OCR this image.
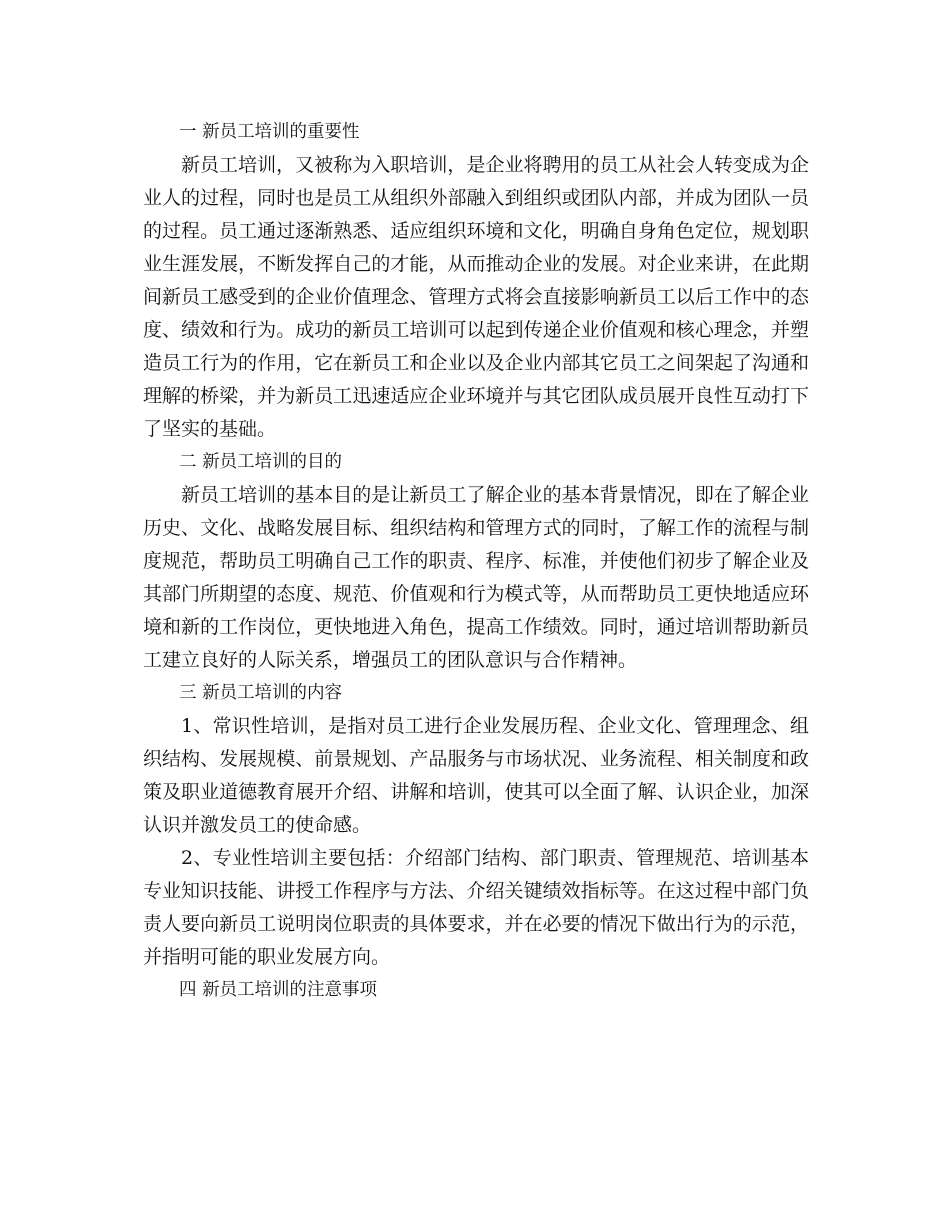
一 新员工培训的重要性

新员工培训，又被称为入职培训，是企业将聘用的员工从社会人转变成为企业人的过程，同时也是员工从组织外部融入到组织或团队内部，并成为团队一员的过程。员工通过逐渐熟悉、适应组织环境和文化，明确自身角色定位，规划职业生涯发展，不断发挥自己的才能，从而推动企业的发展。对企业来讲，在此期间新员工感受到的企业价值理念、管理方式将会直接影响新员工以后工作中的态度、绩效和行为。成功的新员工培训可以起到传递企业价值观和核心理念，并塑造员工行为的作用，它在新员工和企业以及企业内部其它员工之间架起了沟通和理解的桥梁，并为新员工迅速适应企业环境并与其它团队成员展开良性互动打下了坚实的基础。

二 新员工培训的目的

新员工培训的基本目的是让新员工了解企业的基本背景情况，即在了解企业历史、文化、战略发展目标、组织结构和管理方式的同时，了解工作的流程与制度规范，帮助员工明确自己工作的职责、程序、标准，并使他们初步了解企业及其部门所期望的态度、规范、价值观和行为模式等，从而帮助员工更快地适应环境和新的工作岗位，更快地进入角色，提高工作绩效。同时，通过培训帮助新员工建立良好的人际关系，增强员工的团队意识与合作精神。

三 新员工培训的内容

1、常识性培训，是指对员工进行企业发展历程、企业文化、管理理念、组织结构、发展规模、前景规划、产品服务与市场状况、业务流程、相关制度和政策及职业道德教育展开介绍、讲解和培训，使其可以全面了解、认识企业，加深认识并激发员工的使命感。

2、专业性培训主要包括：介绍部门结构、部门职责、管理规范、培训基本专业知识技能、讲授工作程序与方法、介绍关键绩效指标等。在这过程中部门负责人要向新员工说明岗位职责的具体要求，并在必要的情况下做出行为的示范，并指明可能的职业发展方向。

四 新员工培训的注意事项
